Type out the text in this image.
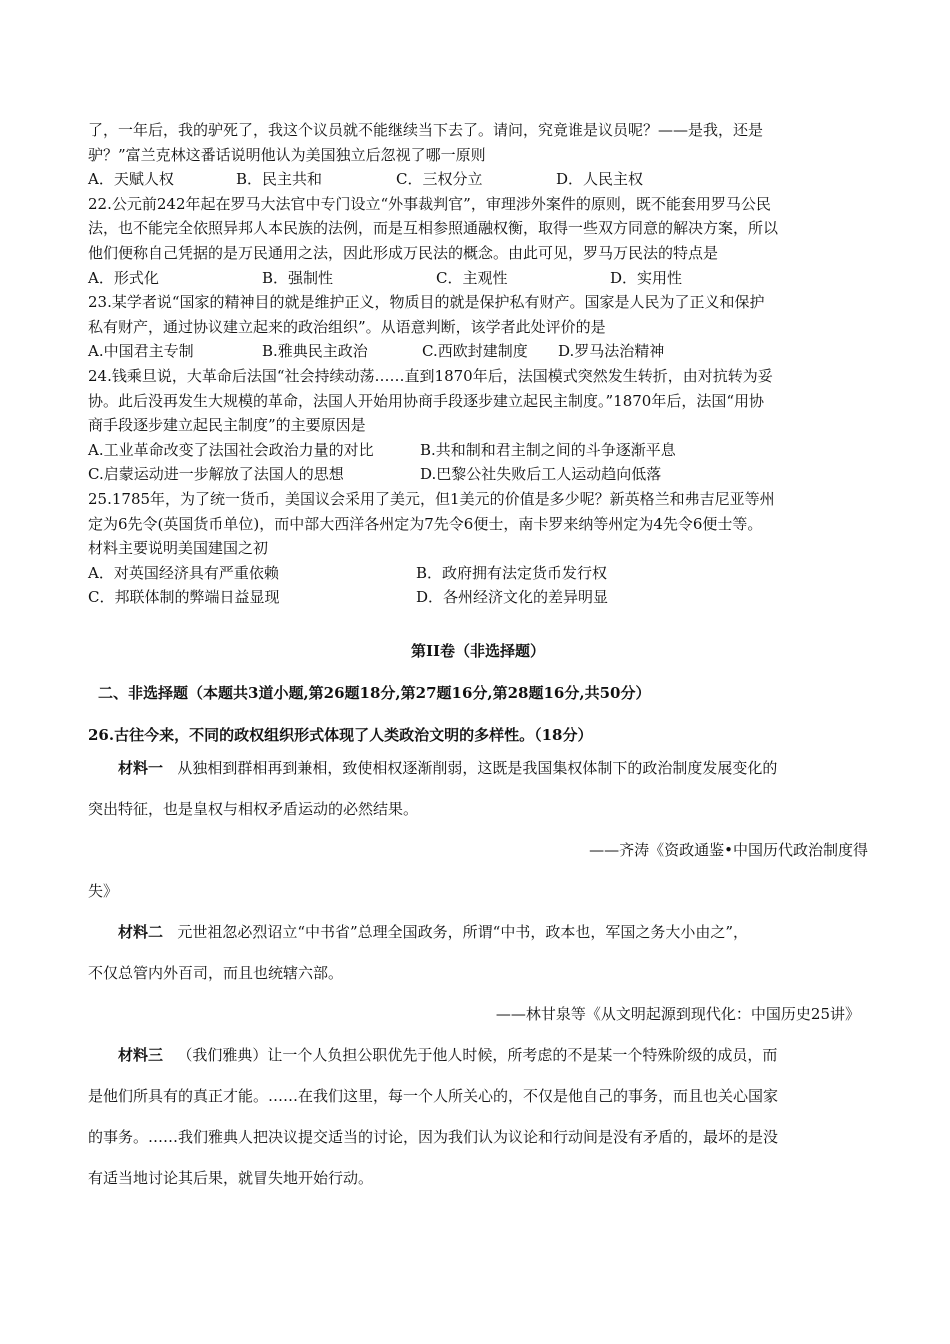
了，一年后，我的驴死了，我这个议员就不能继续当下去了。请问，究竟谁是议员呢？——是我，还是
驴？”富兰克林这番话说明他认为美国独立后忽视了哪一原则
A．天赋人权	B．民主共和	C．三权分立	D．人民主权
22.公元前242年起在罗马大法官中专门设立“外事裁判官”，审理涉外案件的原则，既不能套用罗马公民
法，也不能完全依照异邦人本民族的法例，而是互相参照通融权衡，取得一些双方同意的解决方案，所以
他们便称自己凭据的是万民通用之法，因此形成万民法的概念。由此可见，罗马万民法的特点是
A．形式化	B．强制性	C．主观性	D．实用性
23.某学者说“国家的精神目的就是维护正义，物质目的就是保护私有财产。国家是人民为了正义和保护
私有财产，通过协议建立起来的政治组织”。从语意判断，该学者此处评价的是
A.中国君主专制	B.雅典民主政治	C.西欧封建制度	D.罗马法治精神
24.钱乘旦说，大革命后法国“社会持续动荡……直到1870年后，法国模式突然发生转折，由对抗转为妥
协。此后没再发生大规模的革命，法国人开始用协商手段逐步建立起民主制度。”1870年后，法国“用协
商手段逐步建立起民主制度”的主要原因是
A.工业革命改变了法国社会政治力量的对比	B.共和制和君主制之间的斗争逐渐平息
C.启蒙运动进一步解放了法国人的思想	D.巴黎公社失败后工人运动趋向低落
25.1785年，为了统一货币，美国议会采用了美元，但1美元的价值是多少呢？新英格兰和弗吉尼亚等州
定为6先令(英国货币单位)，而中部大西洋各州定为7先令6便士，南卡罗来纳等州定为4先令6便士等。
材料主要说明美国建国之初
A．对英国经济具有严重依赖	B．政府拥有法定货币发行权
C．邦联体制的弊端日益显现	D．各州经济文化的差异明显
第II卷（非选择题）
二、非选择题（本题共3道小题,第26题18分,第27题16分,第28题16分,共50分）
26.古往今来，不同的政权组织形式体现了人类政治文明的多样性。（18分）
材料一 从独相到群相再到兼相，致使相权逐渐削弱，这既是我国集权体制下的政治制度发展变化的
突出特征，也是皇权与相权矛盾运动的必然结果。
——齐涛《资政通鉴•中国历代政治制度得
失》
材料二 元世祖忽必烈诏立“中书省”总理全国政务，所谓“中书，政本也，军国之务大小由之”，
不仅总管内外百司，而且也统辖六部。
——林甘泉等《从文明起源到现代化：中国历史25讲》
材料三 （我们雅典）让一个人负担公职优先于他人时候，所考虑的不是某一个特殊阶级的成员，而
是他们所具有的真正才能。……在我们这里，每一个人所关心的，不仅是他自己的事务，而且也关心国家
的事务。……我们雅典人把决议提交适当的讨论，因为我们认为议论和行动间是没有矛盾的，最坏的是没
有适当地讨论其后果，就冒失地开始行动。
